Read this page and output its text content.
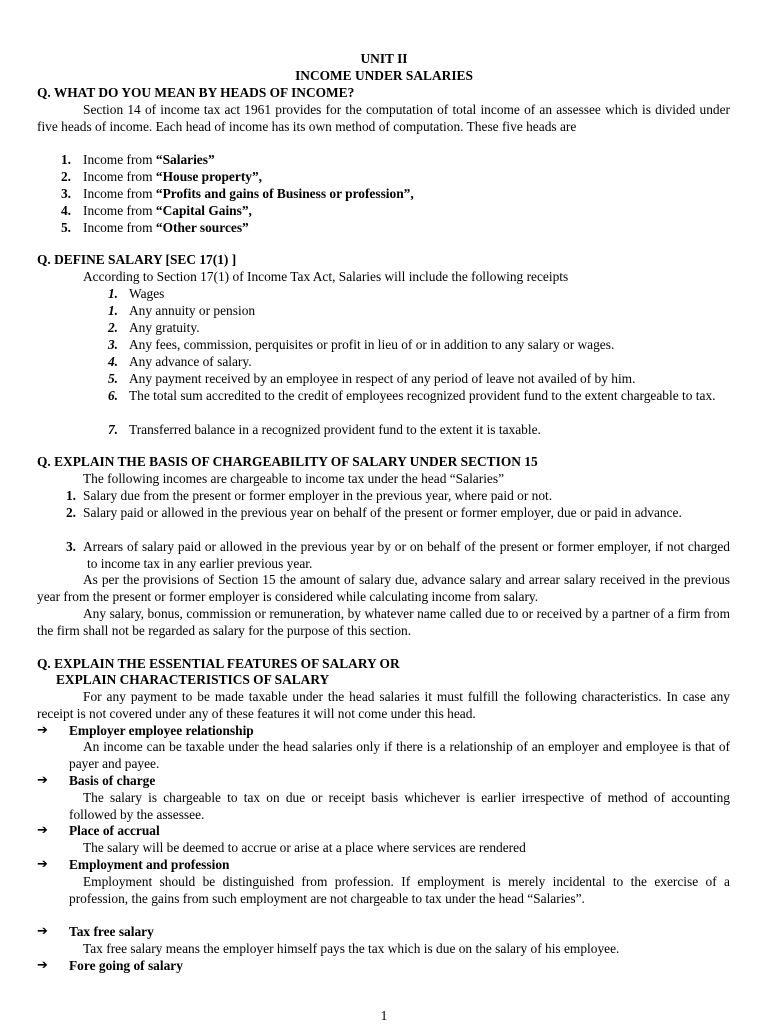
UNIT II
INCOME UNDER SALARIES
Q. WHAT DO YOU MEAN BY HEADS OF INCOME?
Section 14 of income tax act 1961 provides for the computation of total income of an assessee which is divided under five heads of income. Each head of income has its own method of computation. These five heads are
1. Income from “Salaries”
2. Income from “House property”,
3. Income from “Profits and gains of Business or profession”,
4. Income from “Capital Gains”,
5. Income from “Other sources”
Q. DEFINE SALARY [SEC 17(1) ]
According to Section 17(1) of Income Tax Act, Salaries will include the following receipts
1. Wages
1. Any annuity or pension
2. Any gratuity.
3. Any fees, commission, perquisites or profit in lieu of or in addition to any salary or wages.
4. Any advance of salary.
5. Any payment received by an employee in respect of any period of leave not availed of by him.
6. The total sum accredited to the credit of employees recognized provident fund to the extent chargeable to tax.
7. Transferred balance in a recognized provident fund to the extent it is taxable.
Q. EXPLAIN THE BASIS OF CHARGEABILITY OF SALARY UNDER SECTION 15
The following incomes are chargeable to income tax under the head “Salaries”
1. Salary due from the present or former employer in the previous year, where paid or not.
2. Salary paid or allowed in the previous year on behalf of the present or former employer, due or paid in advance.
3. Arrears of salary paid or allowed in the previous year by or on behalf of the present or former employer, if not charged to income tax in any earlier previous year.
As per the provisions of Section 15 the amount of salary due, advance salary and arrear salary received in the previous year from the present or former employer is considered while calculating income from salary.
Any salary, bonus, commission or remuneration, by whatever name called due to or received by a partner of a firm from the firm shall not be regarded as salary for the purpose of this section.
Q. EXPLAIN THE ESSENTIAL FEATURES OF SALARY OR
EXPLAIN CHARACTERISTICS OF SALARY
For any payment to be made taxable under the head salaries it must fulfill the following characteristics. In case any receipt is not covered under any of these features it will not come under this head.
➔	Employer employee relationship
An income can be taxable under the head salaries only if there is a relationship of an employer and employee is that of payer and payee.
➔	Basis of charge
The salary is chargeable to tax on due or receipt basis whichever is earlier irrespective of method of accounting followed by the assessee.
➔	Place of accrual
The salary will be deemed to accrue or arise at a place where services are rendered
➔	Employment and profession
Employment should be distinguished from profession. If employment is merely incidental to the exercise of a profession, the gains from such employment are not chargeable to tax under the head “Salaries”.
➔	Tax free salary
Tax free salary means the employer himself pays the tax which is due on the salary of his employee.
➔	Fore going of salary
1
